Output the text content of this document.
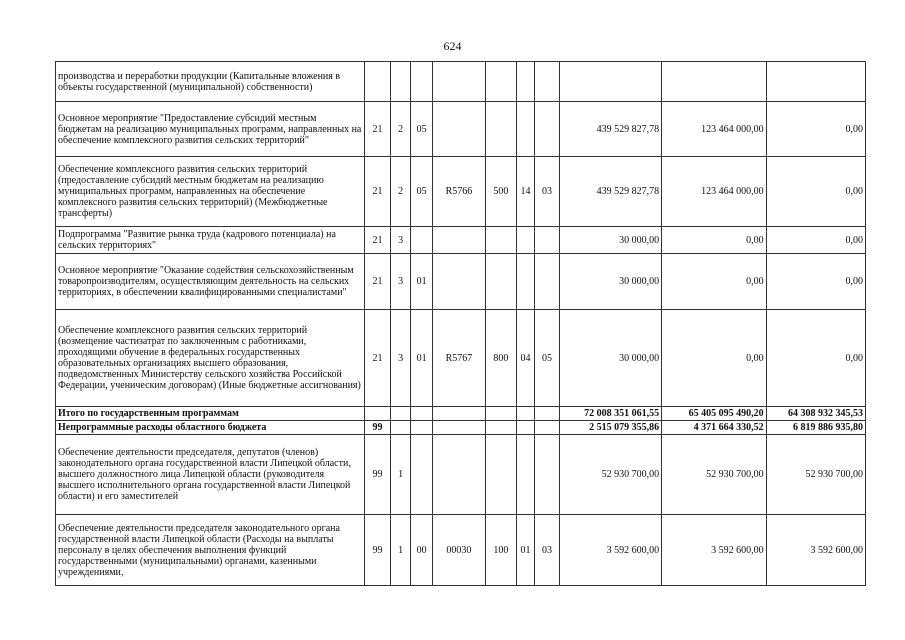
624
производства и переработки продукции (Капитальные вложения в объекты государственной (муниципальной) собственности)										
Основное мероприятие "Предоставление субсидий местным бюджетам на реализацию муниципальных программ, направленных на обеспечение комплексного развития сельских территорий"	21	2	05					439 529 827,78	123 464 000,00	0,00
Обеспечение комплексного развития сельских территорий (предоставление субсидий местным бюджетам на реализацию муниципальных программ, направленных на обеспечение комплексного развития сельских территорий) (Межбюджетные трансферты)	21	2	05	R5766	500	14	03	439 529 827,78	123 464 000,00	0,00
Подпрограмма "Развитие рынка труда (кадрового потенциала) на сельских территориях"	21	3						30 000,00	0,00	0,00
Основное мероприятие "Оказание содействия сельскохозяйственным товаропроизводителям, осуществляющим деятельность на сельских территориях, в обеспечении квалифицированными специалистами"	21	3	01					30 000,00	0,00	0,00
Обеспечение комплексного развития сельских территорий (возмещение частизатрат по заключенным с работниками, проходящими обучение в федеральных государственных образовательных организациях высшего образования, подведомственных Министерству сельского хозяйства Российской Федерации, ученическим договорам) (Иные бюджетные ассигнования)	21	3	01	R5767	800	04	05	30 000,00	0,00	0,00
Итого по государственным программам								72 008 351 061,55	65 405 095 490,20	64 308 932 345,53
Непрограммные расходы областного бюджета	99							2 515 079 355,86	4 371 664 330,52	6 819 886 935,80
Обеспечение деятельности председателя, депутатов (членов) законодательного органа государственной власти Липецкой области, высшего должностного лица Липецкой области (руководителя высшего исполнительного органа государственной власти Липецкой области) и его заместителей	99	1						52 930 700,00	52 930 700,00	52 930 700,00
Обеспечение деятельности председателя законодательного органа государственной власти Липецкой области (Расходы на выплаты персоналу в целях обеспечения выполнения функций государственными (муниципальными) органами, казенными учреждениями,	99	1	00	00030	100	01	03	3 592 600,00	3 592 600,00	3 592 600,00
